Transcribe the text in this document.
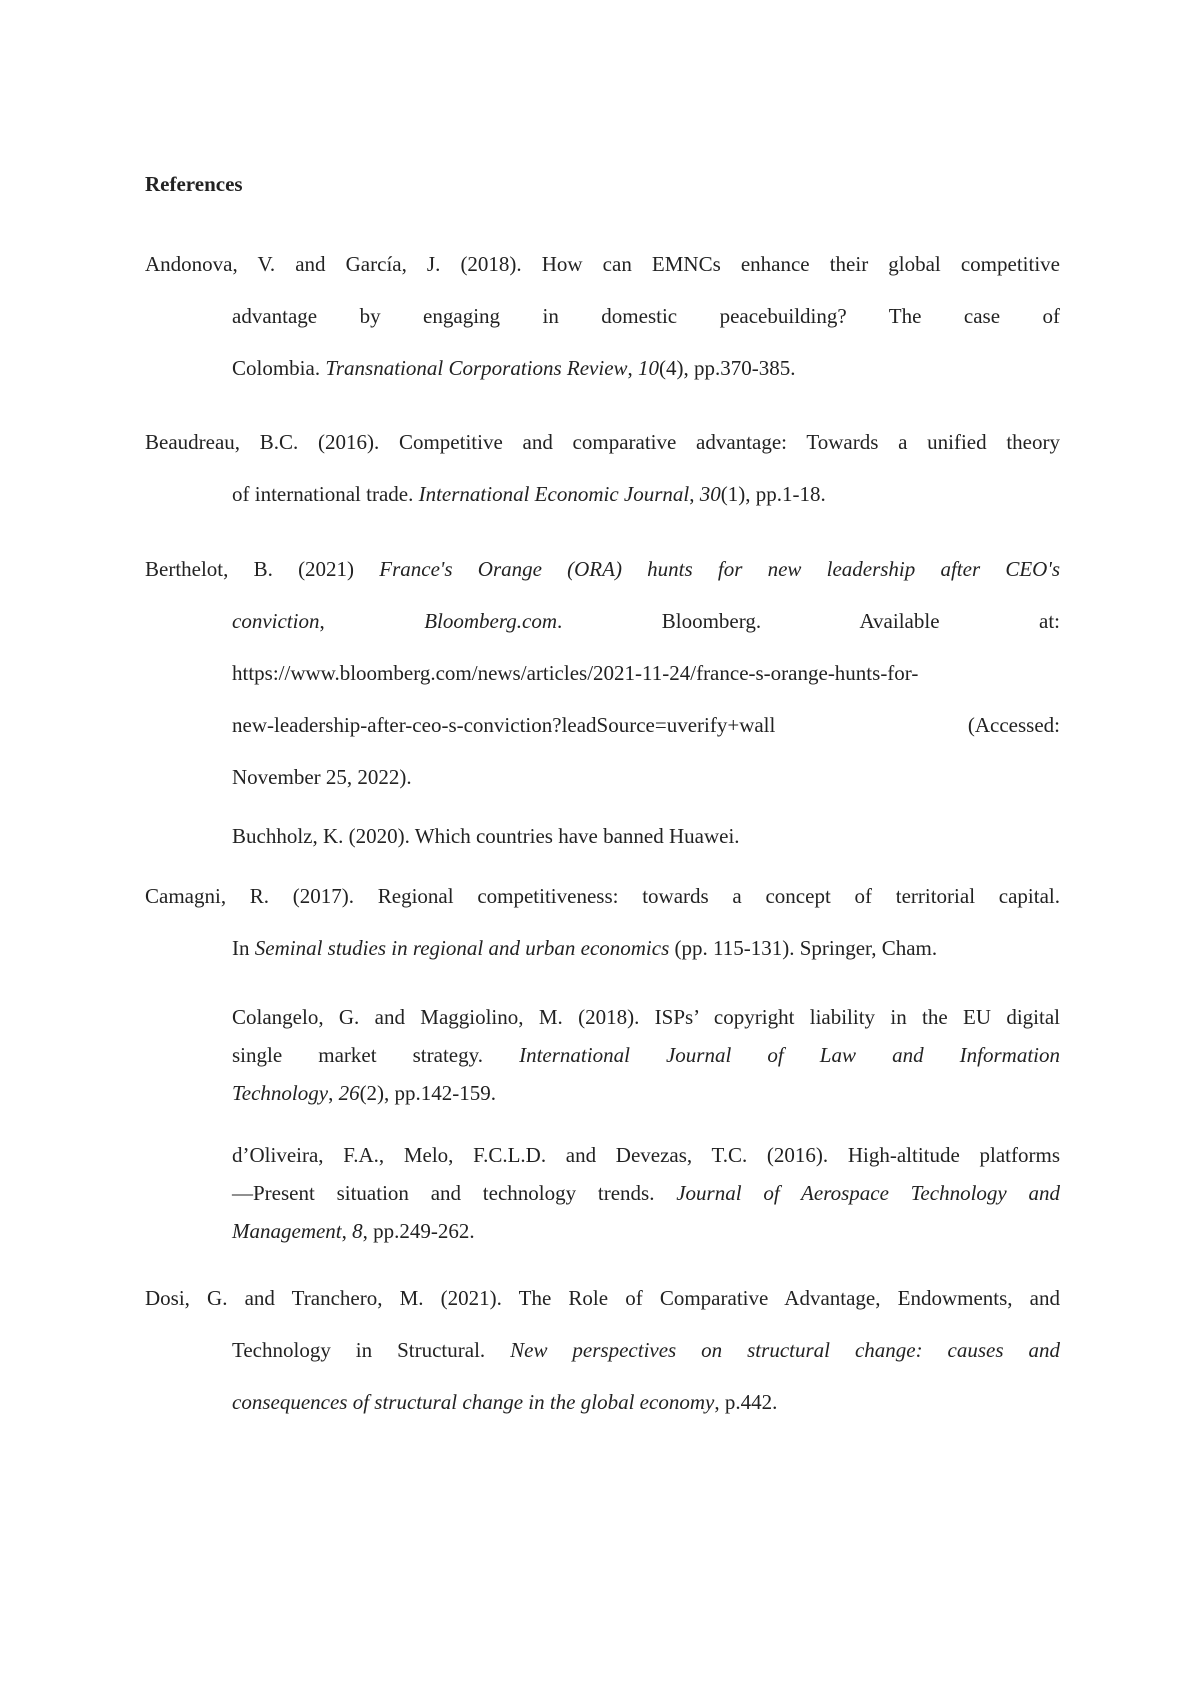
References
Andonova, V. and García, J. (2018). How can EMNCs enhance their global competitive
advantage by engaging in domestic peacebuilding? The case of
Colombia. Transnational Corporations Review, 10(4), pp.370-385.
Beaudreau, B.C. (2016). Competitive and comparative advantage: Towards a unified theory
of international trade. International Economic Journal, 30(1), pp.1-18.
Berthelot, B. (2021) France's Orange (ORA) hunts for new leadership after CEO's
conviction, Bloomberg.com. Bloomberg. Available at:
https://www.bloomberg.com/news/articles/2021-11-24/france-s-orange-hunts-for-
new-leadership-after-ceo-s-conviction?leadSource=uverify+wall (Accessed:
November 25, 2022).
Buchholz, K. (2020). Which countries have banned Huawei.
Camagni, R. (2017). Regional competitiveness: towards a concept of territorial capital.
In Seminal studies in regional and urban economics (pp. 115-131). Springer, Cham.
Colangelo, G. and Maggiolino, M. (2018). ISPs’ copyright liability in the EU digital
single market strategy. International Journal of Law and Information
Technology, 26(2), pp.142-159.
d’Oliveira, F.A., Melo, F.C.L.D. and Devezas, T.C. (2016). High-altitude platforms
—Present situation and technology trends. Journal of Aerospace Technology and
Management, 8, pp.249-262.
Dosi, G. and Tranchero, M. (2021). The Role of Comparative Advantage, Endowments, and
Technology in Structural. New perspectives on structural change: causes and
consequences of structural change in the global economy, p.442.
